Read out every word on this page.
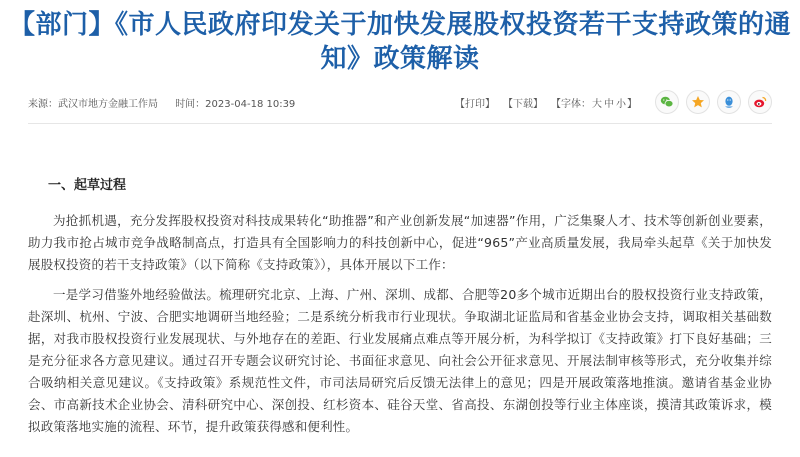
【部门】《市人民政府印发关于加快发展股权投资若干支持政策的通知》政策解读
来源：武汉市地方金融工作局 时间：2023-04-18 10:39	【打印】 【下载】 【字体：大 中 小】
一、起草过程

为抢抓机遇，充分发挥股权投资对科技成果转化“助推器”和产业创新发展“加速器”作用，广泛集聚人才、技术等创新创业要素，助力我市抢占城市竞争战略制高点，打造具有全国影响力的科技创新中心，促进“965”产业高质量发展，我局牵头起草《关于加快发展股权投资的若干支持政策》（以下简称《支持政策》），具体开展以下工作：

一是学习借鉴外地经验做法。梳理研究北京、上海、广州、深圳、成都、合肥等20多个城市近期出台的股权投资行业支持政策，赴深圳、杭州、宁波、合肥实地调研当地经验；二是系统分析我市行业现状。争取湖北证监局和省基金业协会支持，调取相关基础数据，对我市股权投资行业发展现状、与外地存在的差距、行业发展痛点难点等开展分析，为科学拟订《支持政策》打下良好基础；三是充分征求各方意见建议。通过召开专题会议研究讨论、书面征求意见、向社会公开征求意见、开展法制审核等形式，充分收集并综合吸纳相关意见建议。《支持政策》系规范性文件，市司法局研究后反馈无法律上的意见；四是开展政策落地推演。邀请省基金业协会、市高新技术企业协会、清科研究中心、深创投、红杉资本、硅谷天堂、省高投、东湖创投等行业主体座谈，摸清其政策诉求，模拟政策落地实施的流程、环节，提升政策获得感和便利性。
